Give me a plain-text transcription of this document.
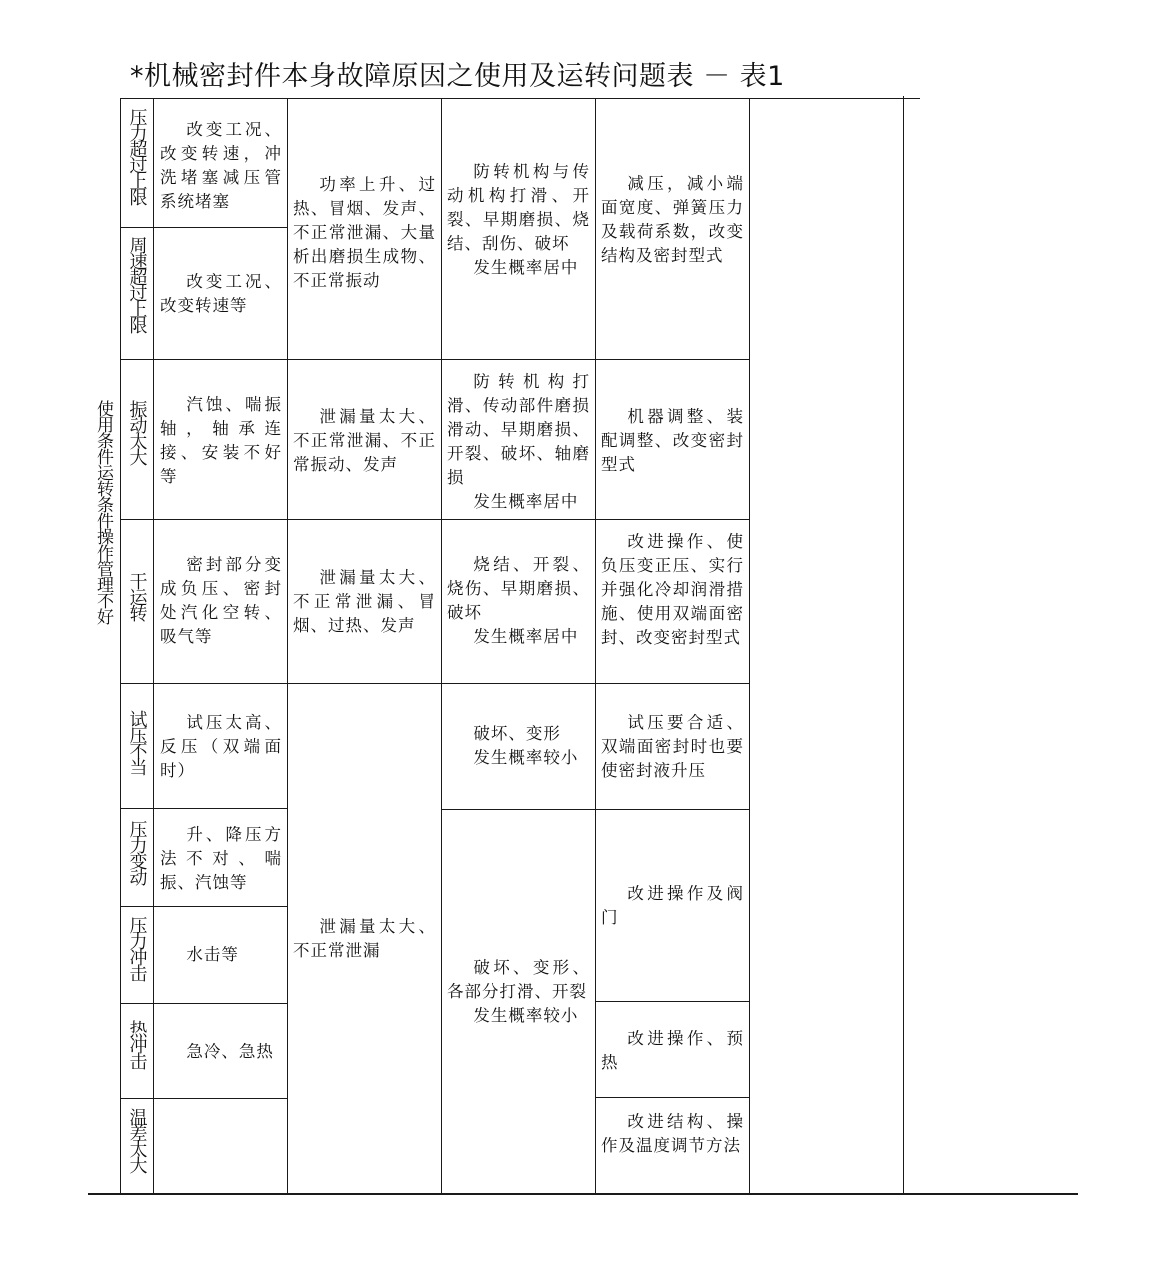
*机械密封件本身故障原因之使用及运转问题表 － 表1
使用条件运转条件操作管理不好
压力超过上限
周速超过上限
振动太大
干运转
试压不当
压力变动
压力冲击
热冲击
温差太大
改变工况、改变转速，冲洗堵塞减压管系统堵塞
改变工况、改变转速等
汽蚀、喘振轴，轴承连接、安装不好等
密封部分变成负压、密封处汽化空转、吸气等
试压太高、反压（双端面时）
升、降压方法不对、喘振、汽蚀等
水击等
急冷、急热
功率上升、过热、冒烟、发声、不正常泄漏、大量析出磨损生成物、不正常振动
泄漏量太大、不正常泄漏、不正常振动、发声
泄漏量太大、不正常泄漏、冒烟、过热、发声
泄漏量太大、不正常泄漏
防转机构与传动机构打滑、开裂、早期磨损、烧结、刮伤、破坏
发生概率居中
防转机构打滑、传动部件磨损滑动、早期磨损、开裂、破坏、轴磨损
发生概率居中
烧结、开裂、烧伤、早期磨损、破坏
发生概率居中
破坏、变形
发生概率较小
破坏、变形、各部分打滑、开裂
发生概率较小
减压，减小端面宽度、弹簧压力及载荷系数，改变结构及密封型式
机器调整、装配调整、改变密封型式
改进操作、使负压变正压、实行并强化冷却润滑措施、使用双端面密封、改变密封型式
试压要合适、双端面密封时也要使密封液升压
改进操作及阀门
改进操作、预热
改进结构、操作及温度调节方法
